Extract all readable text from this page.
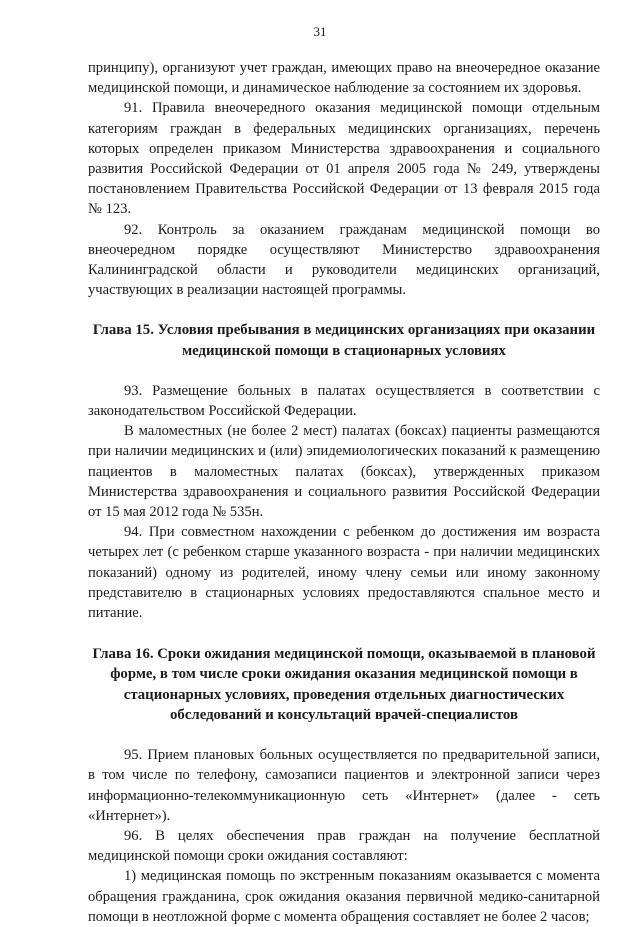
31

принципу), организуют учет граждан, имеющих право на внеочередное оказание медицинской помощи, и динамическое наблюдение за состоянием их здоровья.

91. Правила внеочередного оказания медицинской помощи отдельным категориям граждан в федеральных медицинских организациях, перечень которых определен приказом Министерства здравоохранения и социального развития Российской Федерации от 01 апреля 2005 года № 249, утверждены постановлением Правительства Российской Федерации от 13 февраля 2015 года № 123.

92. Контроль за оказанием гражданам медицинской помощи во внеочередном порядке осуществляют Министерство здравоохранения Калининградской области и руководители медицинских организаций, участвующих в реализации настоящей программы.

Глава 15. Условия пребывания в медицинских организациях при оказании медицинской помощи в стационарных условиях

93. Размещение больных в палатах осуществляется в соответствии с законодательством Российской Федерации.

В маломестных (не более 2 мест) палатах (боксах) пациенты размещаются при наличии медицинских и (или) эпидемиологических показаний к размещению пациентов в маломестных палатах (боксах), утвержденных приказом Министерства здравоохранения и социального развития Российской Федерации от 15 мая 2012 года № 535н.

94. При совместном нахождении с ребенком до достижения им возраста четырех лет (с ребенком старше указанного возраста - при наличии медицинских показаний) одному из родителей, иному члену семьи или иному законному представителю в стационарных условиях предоставляются спальное место и питание.

Глава 16. Сроки ожидания медицинской помощи, оказываемой в плановой форме, в том числе сроки ожидания оказания медицинской помощи в стационарных условиях, проведения отдельных диагностических обследований и консультаций врачей-специалистов

95. Прием плановых больных осуществляется по предварительной записи, в том числе по телефону, самозаписи пациентов и электронной записи через информационно-телекоммуникационную сеть «Интернет» (далее - сеть «Интернет»).

96. В целях обеспечения прав граждан на получение бесплатной медицинской помощи сроки ожидания составляют:

1) медицинская помощь по экстренным показаниям оказывается с момента обращения гражданина, срок ожидания оказания первичной медико-санитарной помощи в неотложной форме с момента обращения составляет не более 2 часов;
